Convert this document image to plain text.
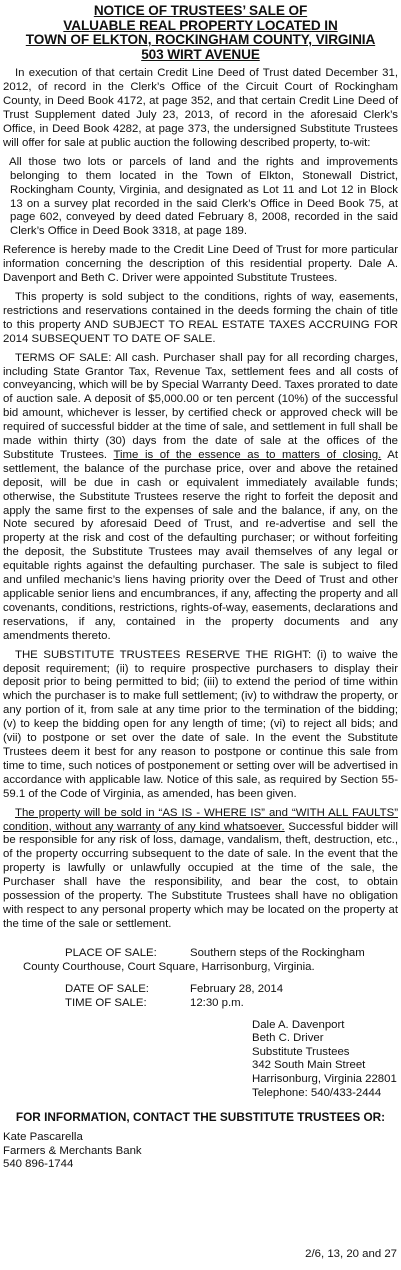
NOTICE OF TRUSTEES’ SALE OF
VALUABLE REAL PROPERTY LOCATED IN
TOWN OF ELKTON, ROCKINGHAM COUNTY, VIRGINIA
503 WIRT AVENUE

In execution of that certain Credit Line Deed of Trust dated December 31, 2012, of record in the Clerk’s Office of the Circuit Court of Rockingham County, in Deed Book 4172, at page 352, and that certain Credit Line Deed of Trust Supplement dated July 23, 2013, of record in the aforesaid Clerk’s Office, in Deed Book 4282, at page 373, the undersigned Substitute Trustees will offer for sale at public auction the following described property, to-wit:

All those two lots or parcels of land and the rights and improvements belonging to them located in the Town of Elkton, Stonewall District, Rockingham County, Virginia, and designated as Lot 11 and Lot 12 in Block 13 on a survey plat recorded in the said Clerk’s Office in Deed Book 75, at page 602, conveyed by deed dated February 8, 2008, recorded in the said Clerk’s Office in Deed Book 3318, at page 189.

Reference is hereby made to the Credit Line Deed of Trust for more particular information concerning the description of this residential property. Dale A. Davenport and Beth C. Driver were appointed Substitute Trustees.

This property is sold subject to the conditions, rights of way, easements, restrictions and reservations contained in the deeds forming the chain of title to this property AND SUBJECT TO REAL ESTATE TAXES ACCRUING FOR 2014 SUBSEQUENT TO DATE OF SALE.

TERMS OF SALE: All cash. Purchaser shall pay for all recording charges, including State Grantor Tax, Revenue Tax, settlement fees and all costs of conveyancing, which will be by Special Warranty Deed. Taxes prorated to date of auction sale. A deposit of $5,000.00 or ten percent (10%) of the successful bid amount, whichever is lesser, by certified check or approved check will be required of successful bidder at the time of sale, and settlement in full shall be made within thirty (30) days from the date of sale at the offices of the Substitute Trustees. Time is of the essence as to matters of closing. At settlement, the balance of the purchase price, over and above the retained deposit, will be due in cash or equivalent immediately available funds; otherwise, the Substitute Trustees reserve the right to forfeit the deposit and apply the same first to the expenses of sale and the balance, if any, on the Note secured by aforesaid Deed of Trust, and re-advertise and sell the property at the risk and cost of the defaulting purchaser; or without forfeiting the deposit, the Substitute Trustees may avail themselves of any legal or equitable rights against the defaulting purchaser. The sale is subject to filed and unfiled mechanic’s liens having priority over the Deed of Trust and other applicable senior liens and encumbrances, if any, affecting the property and all covenants, conditions, restrictions, rights-of-way, easements, declarations and reservations, if any, contained in the property documents and any amendments thereto.

THE SUBSTITUTE TRUSTEES RESERVE THE RIGHT: (i) to waive the deposit requirement; (ii) to require prospective purchasers to display their deposit prior to being permitted to bid; (iii) to extend the period of time within which the purchaser is to make full settlement; (iv) to withdraw the property, or any portion of it, from sale at any time prior to the termination of the bidding; (v) to keep the bidding open for any length of time; (vi) to reject all bids; and (vii) to postpone or set over the date of sale. In the event the Substitute Trustees deem it best for any reason to postpone or continue this sale from time to time, such notices of postponement or setting over will be advertised in accordance with applicable law. Notice of this sale, as required by Section 55-59.1 of the Code of Virginia, as amended, has been given.

The property will be sold in “AS IS - WHERE IS” and “WITH ALL FAULTS” condition, without any warranty of any kind whatsoever. Successful bidder will be responsible for any risk of loss, damage, vandalism, theft, destruction, etc., of the property occurring subsequent to the date of sale. In the event that the property is lawfully or unlawfully occupied at the time of the sale, the Purchaser shall have the responsibility, and bear the cost, to obtain possession of the property. The Substitute Trustees shall have no obligation with respect to any personal property which may be located on the property at the time of the sale or settlement.

PLACE OF SALE:	Southern steps of the Rockingham
County Courthouse, Court Square, Harrisonburg, Virginia.
DATE OF SALE:	February 28, 2014
TIME OF SALE:	12:30 p.m.
Dale A. Davenport
Beth C. Driver
Substitute Trustees
342 South Main Street
Harrisonburg, Virginia 22801
Telephone: 540/433-2444
FOR INFORMATION, CONTACT THE SUBSTITUTE TRUSTEES OR:
Kate Pascarella
Farmers & Merchants Bank
540 896-1744
2/6, 13, 20 and 27
